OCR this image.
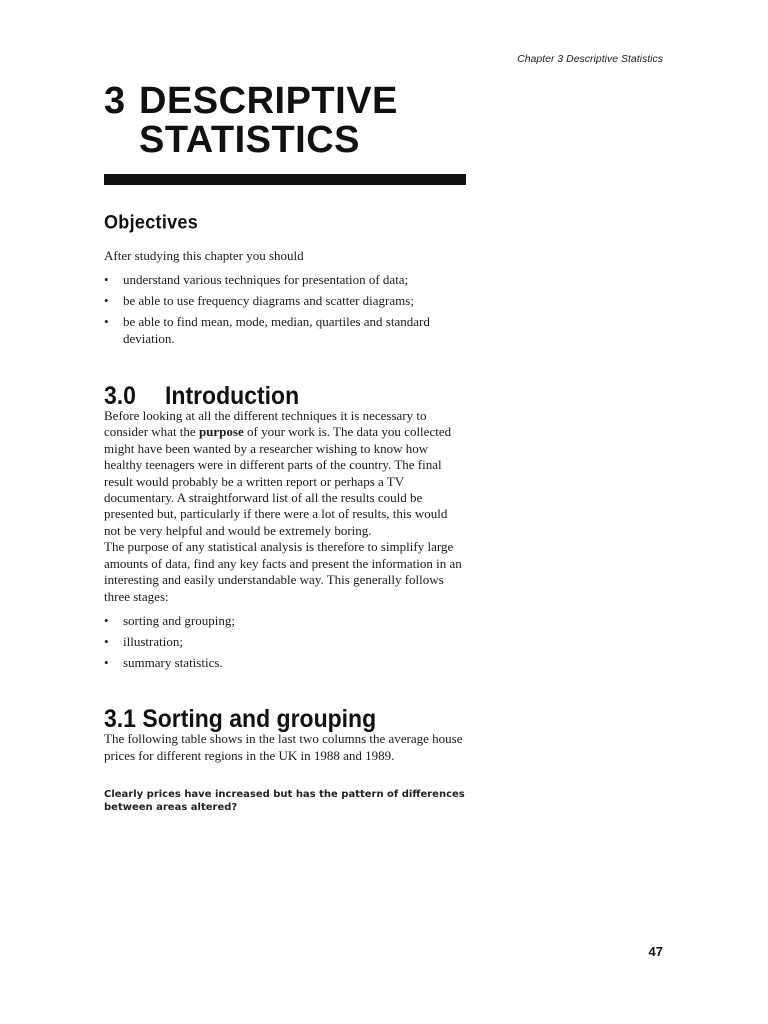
Chapter 3 Descriptive Statistics
3 DESCRIPTIVE
STATISTICS
Objectives

After studying this chapter you should

• understand various techniques for presentation of data;
• be able to use frequency diagrams and scatter diagrams;
• be able to find mean, mode, median, quartiles and standard deviation.
3.0 Introduction

Before looking at all the different techniques it is necessary to consider what the purpose of your work is. The data you collected might have been wanted by a researcher wishing to know how healthy teenagers were in different parts of the country. The final result would probably be a written report or perhaps a TV documentary. A straightforward list of all the results could be presented but, particularly if there were a lot of results, this would not be very helpful and would be extremely boring.

The purpose of any statistical analysis is therefore to simplify large amounts of data, find any key facts and present the information in an interesting and easily understandable way. This generally follows three stages:

• sorting and grouping;
• illustration;
• summary statistics.
3.1 Sorting and grouping

The following table shows in the last two columns the average house prices for different regions in the UK in 1988 and 1989.

Clearly prices have increased but has the pattern of differences between areas altered?

47
